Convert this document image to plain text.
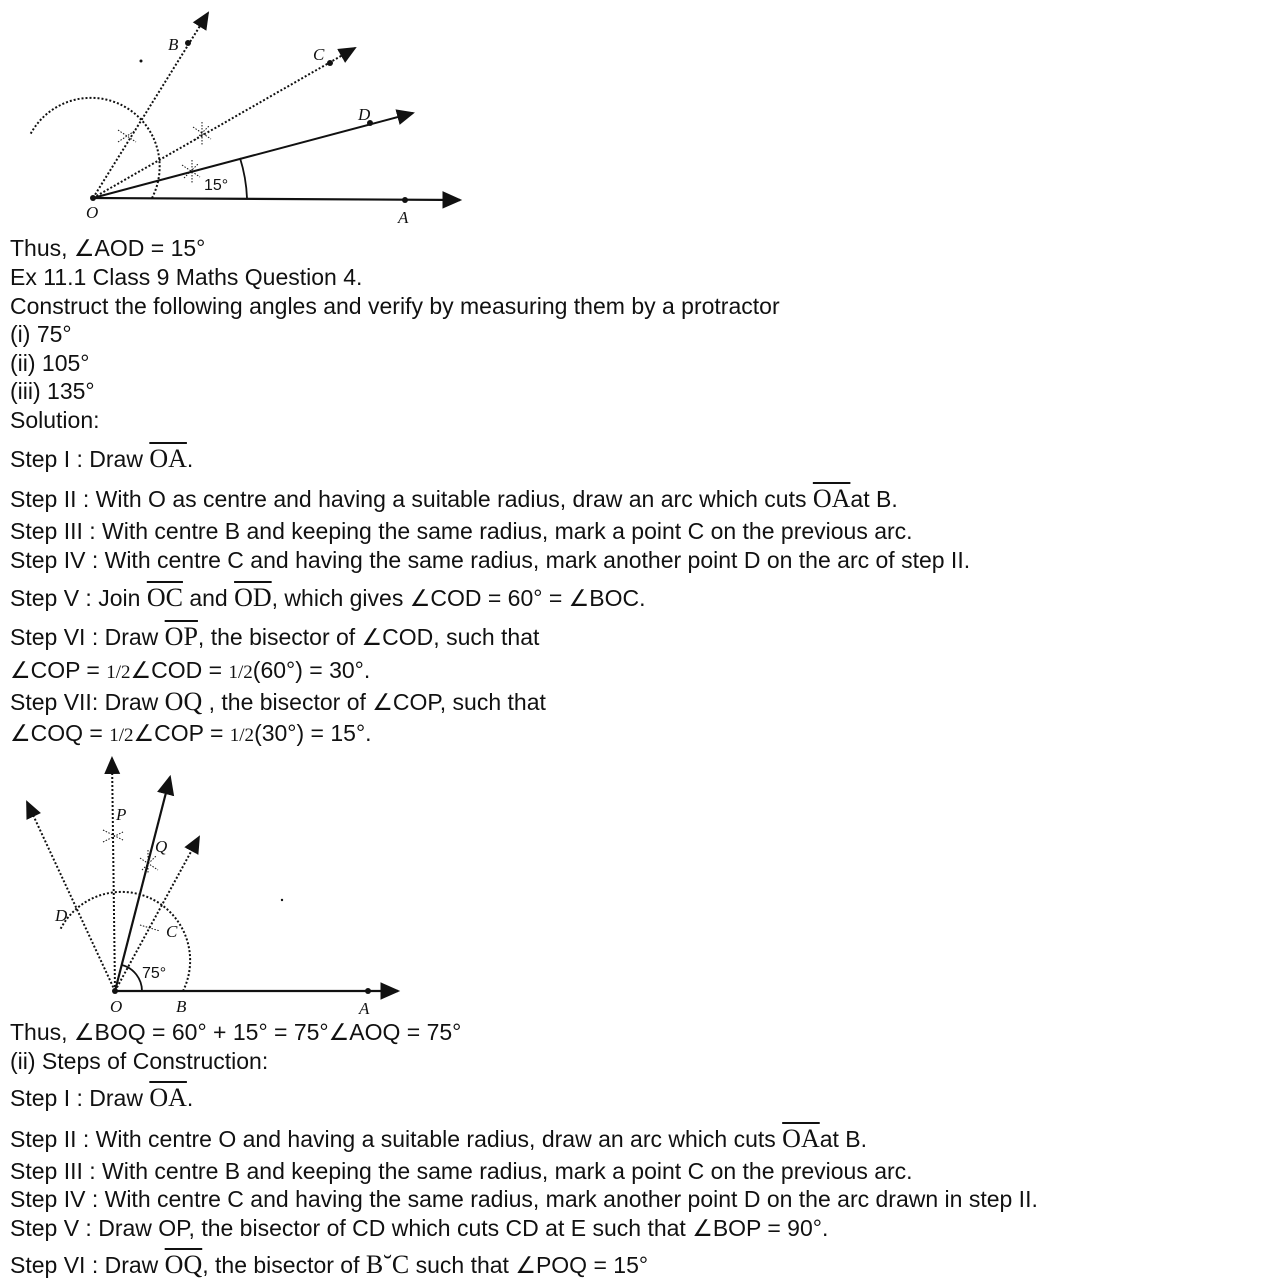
O	A
B
C
D
15°
Thus, ∠AOD = 15°
Ex 11.1 Class 9 Maths Question 4.
Construct the following angles and verify by measuring them by a protractor
(i) 75°
(ii) 105°
(iii) 135°
Solution:
Step I : Draw $\overline{OA}$.
Step II : With O as centre and having a suitable radius, draw an arc which cuts $\overline{OA}at$ B.
Step III : With centre B and keeping the same radius, mark a point C on the previous arc.
Step IV : With centre C and having the same radius, mark another point D on the arc of step II.
Step V : Join $\overline{OC}$ and $\overline{OD}$, which gives ∠COD = 60° = ∠BOC.
Step VI : Draw $\overline{OP}$, the bisector of ∠COD, such that
∠COP = 1/2∠COD = 1/2(60°) = 30°.
Step VII: Draw OQ , the bisector of ∠COP, such that
∠COQ = 1/2∠COP = 1/2(30°) = 15°.
O	B	A
C
D
P
Q
75°
Thus, ∠BOQ = 60° + 15° = 75°∠AOQ = 75°
(ii) Steps of Construction:
Step I : Draw $\overline{OA}$.
Step II : With centre O and having a suitable radius, draw an arc which cuts $\overline{OA}at$ B.
Step III : With centre B and keeping the same radius, mark a point C on the previous arc.
Step IV : With centre C and having the same radius, mark another point D on the arc drawn in step II.
Step V : Draw OP, the bisector of CD which cuts CD at E such that ∠BOP = 90°.
Step VI : Draw $\overline{OQ}$, the bisector of B˘C such that ∠POQ = 15°
